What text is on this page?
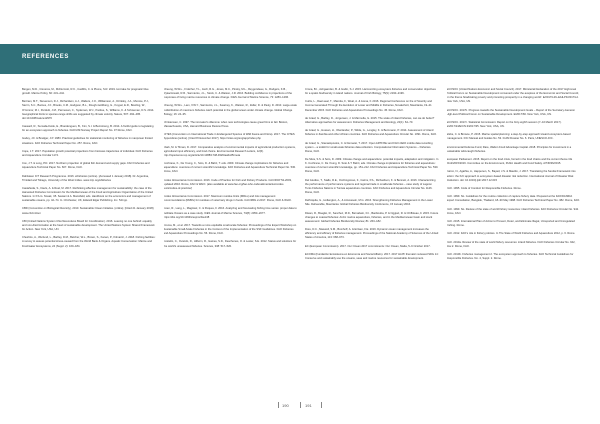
REFERENCES

Bergen, M.D., Cisneros, M., McDermott, R.K., Cardillo, C. & Plume, S.R. 2019. Hot take for pragmatic blue growth. Marine Policy, 60: 231–244.

Bertram, M.T., Stevenson, D.J., Richardson, A.J., Walters, J.O., Williamson, A., Drinkley, J.A., Munroe, P.J., Sterrn, S.C., Barnes, J.F., Brooks, C.M., Hodgson, B.L., Rough-Goldberg, G., Kuypel, E.R., Bowling, W., O'Connor, M.I., Perdutti, J.M., Parmesan, C., Sydeman, W.J., Pardue, S., Williams, K. & Schoeman, D.S. 2014. Geographical limits to species-range shifts are suggested by climate velocity. Nature, 507: 492–495. doi:10.1038/nature12976

Cassard, R., Sumaila-Kwok, E., Brandenguen, B., Kim, S.I. & Bernstreng, B. 2014. A fruitful guide to legislating for an ecosystem approach to fisheries. FAO/UNI Norway Project Report No. 37 Rome, FAO.

Godey, J.F. & Bradger, J.P. 1983. Practical guidelines for statistical monitoring of fisheries in manpower limited situations. FAO Fisheries Technical Paper No. 257. Rome, FAO.

Cope, J.T. 2017. Population growth potential projections from biomass trajectories of individual. FAO Fisheries and Aquaculture Circular 1174.

Cox, J.T. & Long, P.D. 2017. Northern projection of global fish demand and supply gaps. FAO Fisheries and Aquaculture Technical Paper No. 607. Rome, FAO.

Dahlsteen ICT Research Programme. 2016. eFisheries (online). [Accessed 1 January 2018]. Dr. Argentina, Trinidad and Tobago, University of the West Indies. www.cirp.org/efisheries

Castañeda, S., Davis, A. & Reel, M. 2017. Rethinking effective management for sustainability: the case of the Harvested Fisheries Commission for the Mediterranean of the Food and Agriculture Organization of the United Nations. In P.A.G. Novak, I.B. Sewani & A. Mansfield, eds. Handbook on the economics and management of sustainable oceans, pp. 42–74. In. Chichester, UK, Edward Elgar Publishing. Inc. 544 pp.

CBD (Convention on Biological Diversity). 2010. Sustainable Ocean Initiative. [online]. [Cited 21 January 2018]. www.cbd.int/soi

CBI (United Nations System Chief Executives Board for Coordination). 2016. Leaving no one behind: equality and non-discrimination at the heart of sustainable development. The United Nations System Shared Framework for Action. New York, USA, UN.

Cheshire, A., Wurlund, L., Bartley, D.M., Belcher, W.L., Brown, S., Kanan, P., Kilmaritz, J. 2018. Fishing facilities: A survey to assess potential stress-caused from the World Bank & Organs. Aquatic Conservation: Marine and Freshwater Ecosystems, 24 (Suppl. 2): 160–184.

Cheung, W.W.L., Frolicher, T.L., Asch, R.G., Jones, M.C., Pinsky, M.L., Reygondeau, G., Rodgers, K.B., Rykaczewski, R.R., Sarmiento, J.L., Stock, C. & Watson, J.R. 2016. Building confidence in projections of the responses of living marine resources to climate change. ICES Journal of Marine Science, 73: 1283–1296.

Cheung, W.W.L., Lam, V.W.Y., Sarmiento, J.L., Kearney, K., Watson, R., Zeller, D. & Pauly, D. 2010. Large-scale redistribution of maximum fisheries catch potential in the global ocean under climate change. Global Change Biology, 16: 24–35.

Christensen, C. 1997. The innovator's dilemma: when new technologies cause great firms to fail. Boston, Massachusetts, USA, Harvard Business Review Press.

CITES (Convention on International Trade in Endangered Species of Wild Fauna and Flora). 2017. The CITES Appendices [online]. [Cited 8 December 2017]. https://cites.org/eng/app/index.php

Clark, M. & Tilman, D. 2017. Comparative analysis of environmental impacts of agricultural production systems, agricultural input efficiency, and food choice. Environmental Research Letters, 12(6). http://iopscience.iop.org/article/10.1088/1748-9326/aa6cd5/meta

Cochrane, K., De Young, C., Soto, D. & Bahri, T. eds. 2009. Climate change implications for fisheries and aquaculture: overview of current scientific knowledge. FAO Fisheries and Aquaculture Technical Paper No. 530. Rome, FAO.

Codex Alimentarius Commission. 2016. Code of Practice for Fish and Fishery Products. CAC/RCP 52-2003, updated 2016. Rome, FAO & WHO. (also available at www.fao.org/fao-who-codexalimentarius/codex-texts/codes-of-practice/)

Codex Alimentarius Commission. 2017. Maximum residue limits (MRLs) and risk management recommendations (RMRs) for residues of veterinary drugs in foods. CAC/MRL 2-2017. Rome, FAO & WHO.

Coen, R., Lang, L., Magtreel, C. & Peques, F. 2016. Analyzing and forecasting fishing time series: proper data to facilitate Oceans as a case study. ICES Journal of Marine Science, 73(8): 2053–2077. https://doi.org/10.1093/icesjms/fsw138

Crema, M., et al. 2017. Towards a more equitable small-scale fisheries: Proceedings of the Expert Workshop on Sustainable Small-Scale Fisheries in the Context of the Implementation of the SSF Guidelines. FAO Fisheries and Aquaculture Proceedings No. 56. Rome, FAO.

Costello, C., Ovando, D., Hilborn, R., Gaines, S.D., Deschenes, O. & Lester, S.E. 2012. Status and solutions for the world's unassessed fisheries. Science, 338: 517–520.

Crona, B.I., Ashgaerden, B. & Godin, S.J. 2015. Harmonizing ecosystem fisheries and conservation objectives for a spatio biodiversity in island nations. Journal of Fish Biology, 75(9): 2190–2196.

Curtis, L., Dael-seal, T., Marotta, F., Weal, A. & Arena, F. 2016. Regional Conference on the of Scarcity and Income Generated Through the Evolution of Lower and Middle in Fisheries, Novakchott, Mauritania, 19–21 December 2015. FAO Fisheries and Aquaculture Proceedings No. 45. Rome, FAO.

de Graaf, G., Bartley, D., Jorgensen, J. & Marmulla, G. 2015. The scale of inland fisheries, can we do better? Alternative approaches for assessment. Fisheries Management and Ecology, 22(1): 64–70.

de Graaf, G., Hussan, H., Oberlander, P., Wilde, G., Longley, K. & Bernmann, P. 2014. Assessment of inland fisheries in Zambia and other African countries. FAO Fisheries and Aquaculture Circular No. 1091. Rome, FAO.

de Graaf, G., Stamatopoulos, C. & Demaret, T. 2017. Open ARTFISH and FAO-CEDI mobile data recording system – a toolkit for small-scale fisheries data collection. Computational Information Systems – Fisheries. Rome, FAO.

De Silva, S.S. & Soto, D. 2009. Climate change and aquaculture: potential impacts, adaptation and mitigation. In K. Cochrane, C. De Young, D. Soto & T. Bahri, eds. Climate change implications for fisheries and aquaculture: overview of current scientific knowledge, pp. 151–212. FAO Fisheries and Aquaculture Technical Paper No. 530. Rome, FAO.

Del Giudice, T., Stallo, R.E., Occhiogrosso, F., Cairns, P.A., Richardson, K. & Bennett, A. 2016. Characterizing the performance of performance systems and regional trade in smallscale fisheries – case study of Lagoon Tunis Fisheries Nations in Tunisia aquaculture countries. FAO Fisheries and Aquaculture Circular No. 1126. Rome, FAO.

Dell'Aquila, G., Hollengton, A., & Al-Hussein, M.G. 2016. Strengthening Fisheries Management in the Lower Nile. Deliverable, Mauritania: Global Fisheries Biodiversity Conference, 15 January 2016.

Diwan, R., Boaglio, R., Sanchez, M.D., Bernabein, D.I., Bardiouba, P. & Oggiari, R. & Chiffoleau, F. 2015. Future changes to coastal fisheries: Arctic marine aquaculture, fisheries, and in the Mediterranean basin and stock assessment: Global Fisheries Biodiversity Review, 81: 263–182.

Dore, D.C., Maxwell, S.M., Bomhoff, A. & Eritsen, F.E. 2016. Dynamic ocean management increases the efficiency and efficacy of fisheries management. Proceedings of the National Academy of Sciences of the United States of America, 113: 668–673.

EC (European Commission). 2017. Our Ocean 2017 commitments: Our Ocean, Malta, 5–6 October 2017.

ECOMA (Fundación Ecosistema en Economía and Social Affairs). 2017. 2017 HLPF thematic reviewed SDG 14: Conserve and sustainably use the oceans, seas and marine resources for sustainable development.

ECOSOC (United Nations Economic and Social Council). 2017. Ministerial Declaration of the 2017 High-level Political Forum on Sustainable Development convened under the auspices of the Economic and Social Council, on the theme 'Eradicating poverty and promoting prosperity in a changing world'. E/2017/L29–E/HLPF/2017/L2. New York, USA, UN.

ECOSOC. 2017b. Progress towards the Sustainable Development Goals – Report of the Secretary-General. High-level Political Forum on Sustainable Development. E/2017/66. New York, USA, UN.

ECOSOC. 2017c. Statistical Commission: Report on the forty-eighth session (7–10 March 2017). E/2017/24/E/CN.3/2017/35. New York, USA, UN.

Elsbe, C. & Browne, P. 2015. Marine spatial planning: a step-by-step approach toward ecosystem-based management. IOC Manual and Guides No. 53. ICAM Dossier No. 6. Paris, UNESCO-IOC.

Environmental Defense Fund, Rare, Walton Food Advantage Capital. 2018. Principles for investment in a sustainable wild-caught fisheries.

European Parliament. 2015. Report on the food crisis, forced in the food chains and the current theme CE 0112/2015/2016. Committee on the Environment, Public Health and Food Safety. A7N6/36/2015.

Fairco, N., Agathia, A., Happenen, S., Bayad, J.S. & Mauldo, J. 2017. Translating the Sendai Framework into action: the IUC approach to ecosystem-based disaster risk reduction. International Journal of Disaster Risk Reduction. doi: 10.1016/j.ijdrr.2017.12.015

FAO. 1995. Code of Conduct for Responsible Fisheries. Rome.

FAO. 1999. No. Guidelines for the routine collection of capture fishery data. Prepared at the FAO/DANIDA Expert Consultation, Bangkok, Thailand, 18–30 May 1998. FAO Fisheries Technical Paper No. 382. Rome, FAO.

FAO. 1999. No. Review of the state of world fishery resources: inland fisheries. FAO Fisheries Circular No. 942. Rome, FAO.

FAO. 2015. International Plan of Action to Prevent, Deter, and Eliminate Illegal, Unreported and Unregulated Fishing. Rome.

FAO. 2012. FAO's role in fishery policies. In The State of World Fisheries and Aquaculture 2012, p. 6. Rome.

FAO. 2013a. Review of the state of world fishery resources: inland fisheries. FAO Fisheries Circular No. 942, Rev.2. Rome, FAO.

FAO. 2013b. Fisheries management 2. The ecosystem approach to fisheries. FAO Technical Guidelines for Responsible Fisheries. No. 4, Suppl. 2. Rome.

190	191
